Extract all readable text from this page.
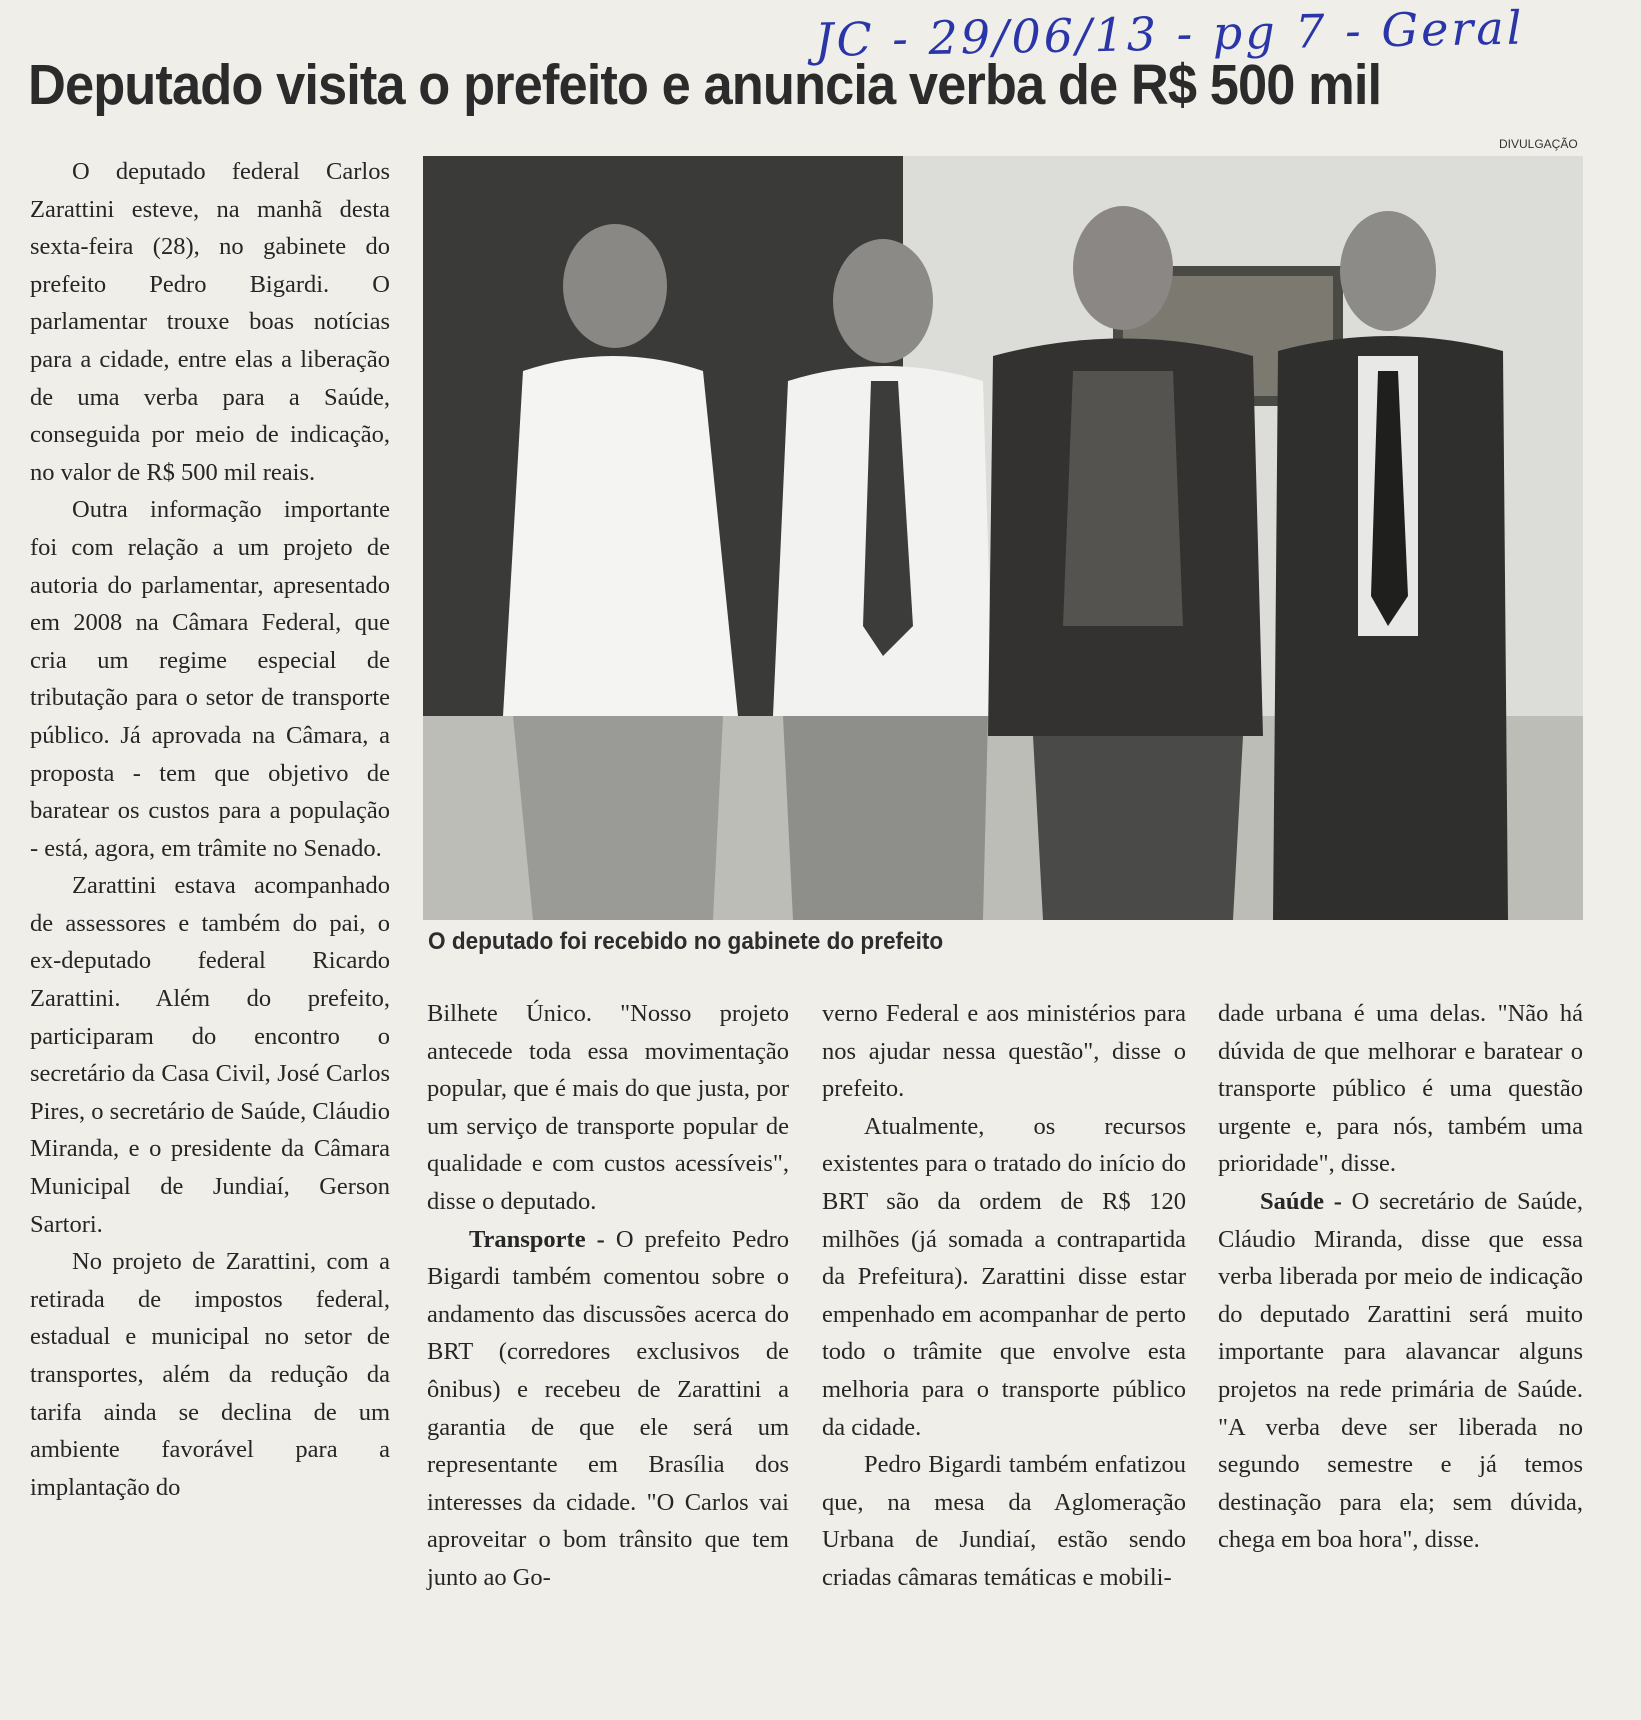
JC - 29/06/13 - pg 7 - Geral
Deputado visita o prefeito e anuncia verba de R$ 500 mil
DIVULGAÇÃO
O deputado foi recebido no gabinete do prefeito

O deputado federal Carlos Zarattini esteve, na manhã desta sexta-feira (28), no gabinete do prefeito Pedro Bigardi. O parlamentar trouxe boas notícias para a cidade, entre elas a liberação de uma verba para a Saúde, conseguida por meio de indicação, no valor de R$ 500 mil reais.

Outra informação importante foi com relação a um projeto de autoria do parlamentar, apresentado em 2008 na Câmara Federal, que cria um regime especial de tributação para o setor de transporte público. Já aprovada na Câmara, a proposta - tem que objetivo de baratear os custos para a população - está, agora, em trâmite no Senado.

Zarattini estava acompanhado de assessores e também do pai, o ex-deputado federal Ricardo Zarattini. Além do prefeito, participaram do encontro o secretário da Casa Civil, José Carlos Pires, o secretário de Saúde, Cláudio Miranda, e o presidente da Câmara Municipal de Jundiaí, Gerson Sartori.

No projeto de Zarattini, com a retirada de impostos federal, estadual e municipal no setor de transportes, além da redução da tarifa ainda se declina de um ambiente favorável para a implantação do

Bilhete Único. "Nosso projeto antecede toda essa movimentação popular, que é mais do que justa, por um serviço de transporte popular de qualidade e com custos acessíveis", disse o deputado.

Transporte - O prefeito Pedro Bigardi também comentou sobre o andamento das discussões acerca do BRT (corredores exclusivos de ônibus) e recebeu de Zarattini a garantia de que ele será um representante em Brasília dos interesses da cidade. "O Carlos vai aproveitar o bom trânsito que tem junto ao Go-

verno Federal e aos ministérios para nos ajudar nessa questão", disse o prefeito.

Atualmente, os recursos existentes para o tratado do início do BRT são da ordem de R$ 120 milhões (já somada a contrapartida da Prefeitura). Zarattini disse estar empenhado em acompanhar de perto todo o trâmite que envolve esta melhoria para o transporte público da cidade.

Pedro Bigardi também enfatizou que, na mesa da Aglomeração Urbana de Jundiaí, estão sendo criadas câmaras temáticas e mobili-

dade urbana é uma delas. "Não há dúvida de que melhorar e baratear o transporte público é uma questão urgente e, para nós, também uma prioridade", disse.

Saúde - O secretário de Saúde, Cláudio Miranda, disse que essa verba liberada por meio de indicação do deputado Zarattini será muito importante para alavancar alguns projetos na rede primária de Saúde. "A verba deve ser liberada no segundo semestre e já temos destinação para ela; sem dúvida, chega em boa hora", disse.
